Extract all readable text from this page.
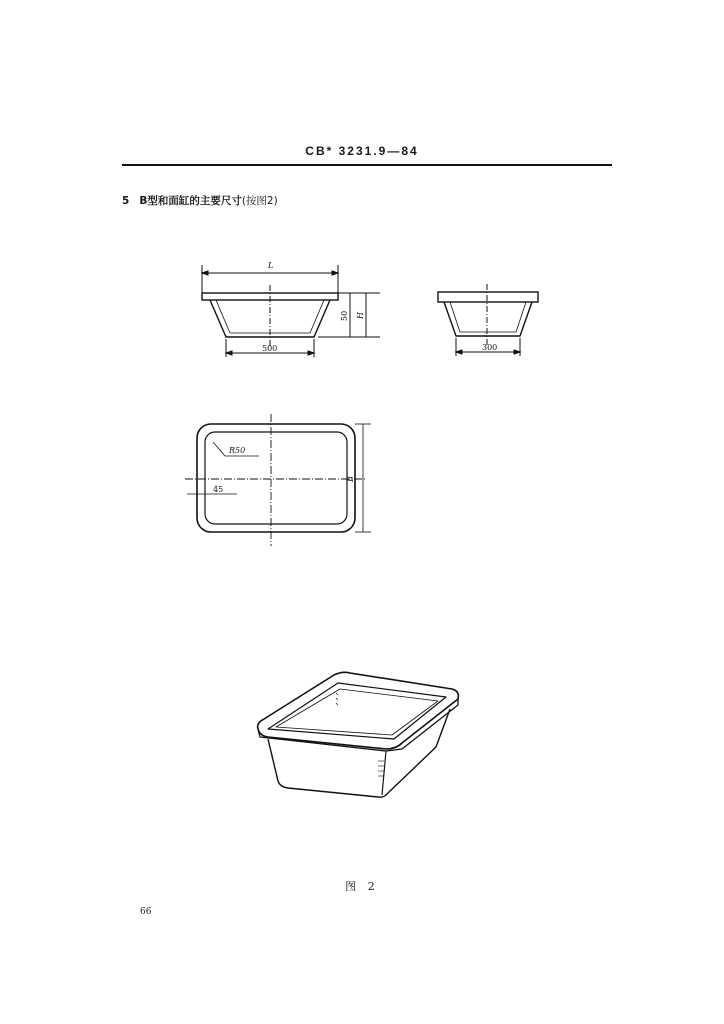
CB* 3231.9—84
5 B型和面缸的主要尺寸(按图2)
L
500
50 H
300
R50
45
B
图 2
66
